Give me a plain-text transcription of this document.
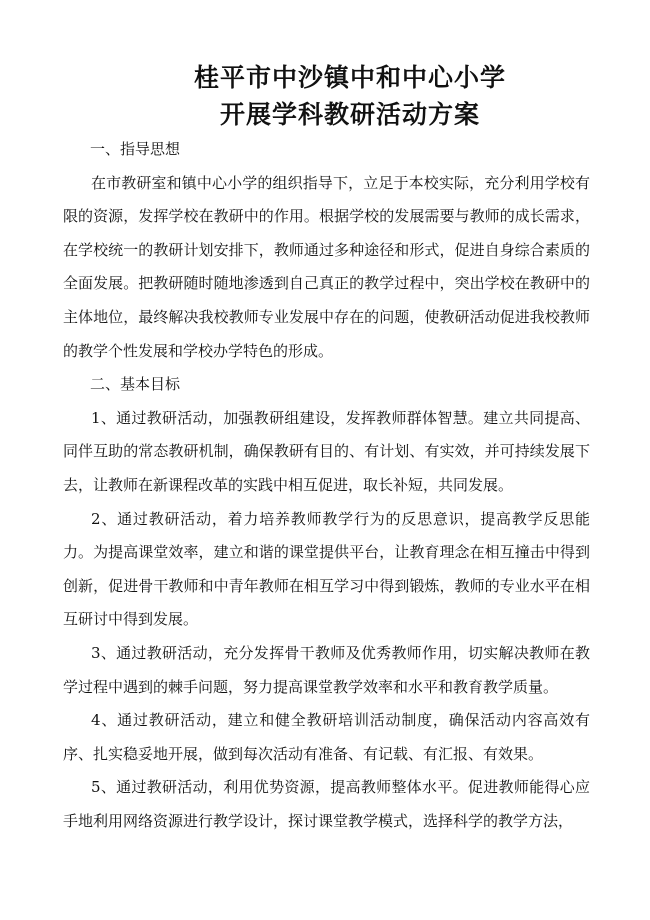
桂平市中沙镇中和中心小学
开展学科教研活动方案

一、指导思想

在市教研室和镇中心小学的组织指导下，立足于本校实际，充分利用学校有限的资源，发挥学校在教研中的作用。根据学校的发展需要与教师的成长需求，在学校统一的教研计划安排下，教师通过多种途径和形式，促进自身综合素质的全面发展。把教研随时随地渗透到自己真正的教学过程中，突出学校在教研中的主体地位，最终解决我校教师专业发展中存在的问题，使教研活动促进我校教师的教学个性发展和学校办学特色的形成。

二、基本目标

1、通过教研活动，加强教研组建设，发挥教师群体智慧。建立共同提高、同伴互助的常态教研机制，确保教研有目的、有计划、有实效，并可持续发展下去，让教师在新课程改革的实践中相互促进，取长补短，共同发展。

2、通过教研活动，着力培养教师教学行为的反思意识，提高教学反思能力。为提高课堂效率，建立和谐的课堂提供平台，让教育理念在相互撞击中得到创新，促进骨干教师和中青年教师在相互学习中得到锻炼，教师的专业水平在相互研讨中得到发展。

3、通过教研活动，充分发挥骨干教师及优秀教师作用，切实解决教师在教学过程中遇到的棘手问题，努力提高课堂教学效率和水平和教育教学质量。

4、通过教研活动，建立和健全教研培训活动制度，确保活动内容高效有序、扎实稳妥地开展，做到每次活动有准备、有记载、有汇报、有效果。

5、通过教研活动，利用优势资源，提高教师整体水平。促进教师能得心应手地利用网络资源进行教学设计，探讨课堂教学模式，选择科学的教学方法，
